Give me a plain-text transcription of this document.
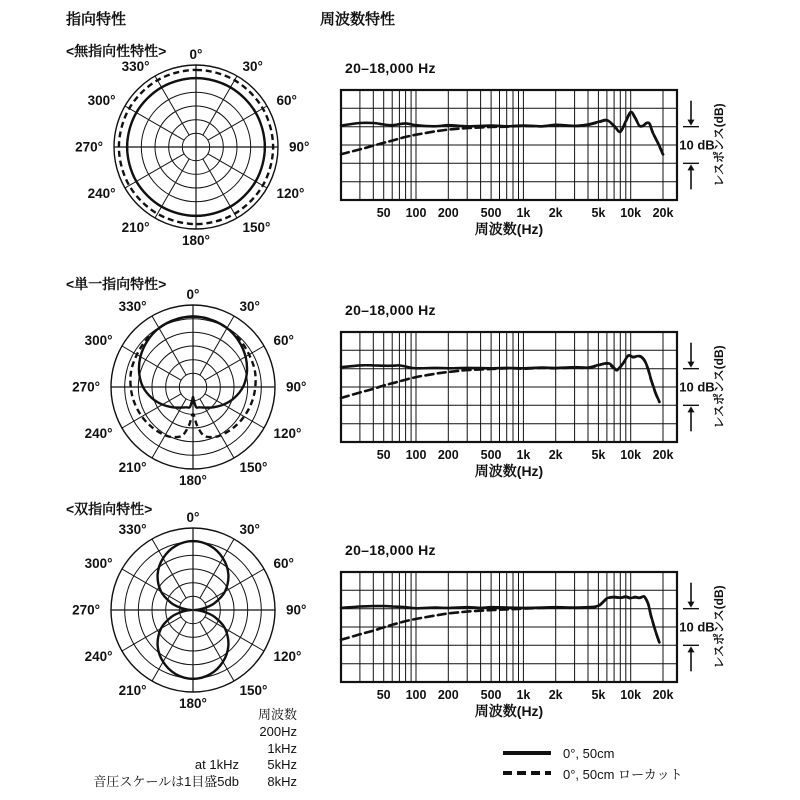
指向特性	周波数特性
<無指向性特性> 0°
30°
60°
90°
120°
150°
180°
210°
240°
270°
300°
330°
<単一指向特性>
0°
30°
60°
90°
120°
150°
180°
210°
240°
270°
300°
330°
<双指向特性>
0°
30°
60°
90°
120°
150°
180°
210°
240°
270°
300°
330°
20–18,000 Hz
50 100 200 500 1k 2k 5k 10k 20k
10 dB
レスポンス(dB)
周波数(Hz)
20–18,000 Hz
50 100 200 500 1k 2k 5k 10k 20k
10 dB
レスポンス(dB)
周波数(Hz)
20–18,000 Hz
50 100 200 500 1k 2k 5k 10k 20k
10 dB
レスポンス(dB)
周波数(Hz)
周波数
200Hz
1kHz
at 1kHz	5kHz
音圧スケールは1目盛5db	8kHz
0°, 50cm
0°, 50cm ローカット
